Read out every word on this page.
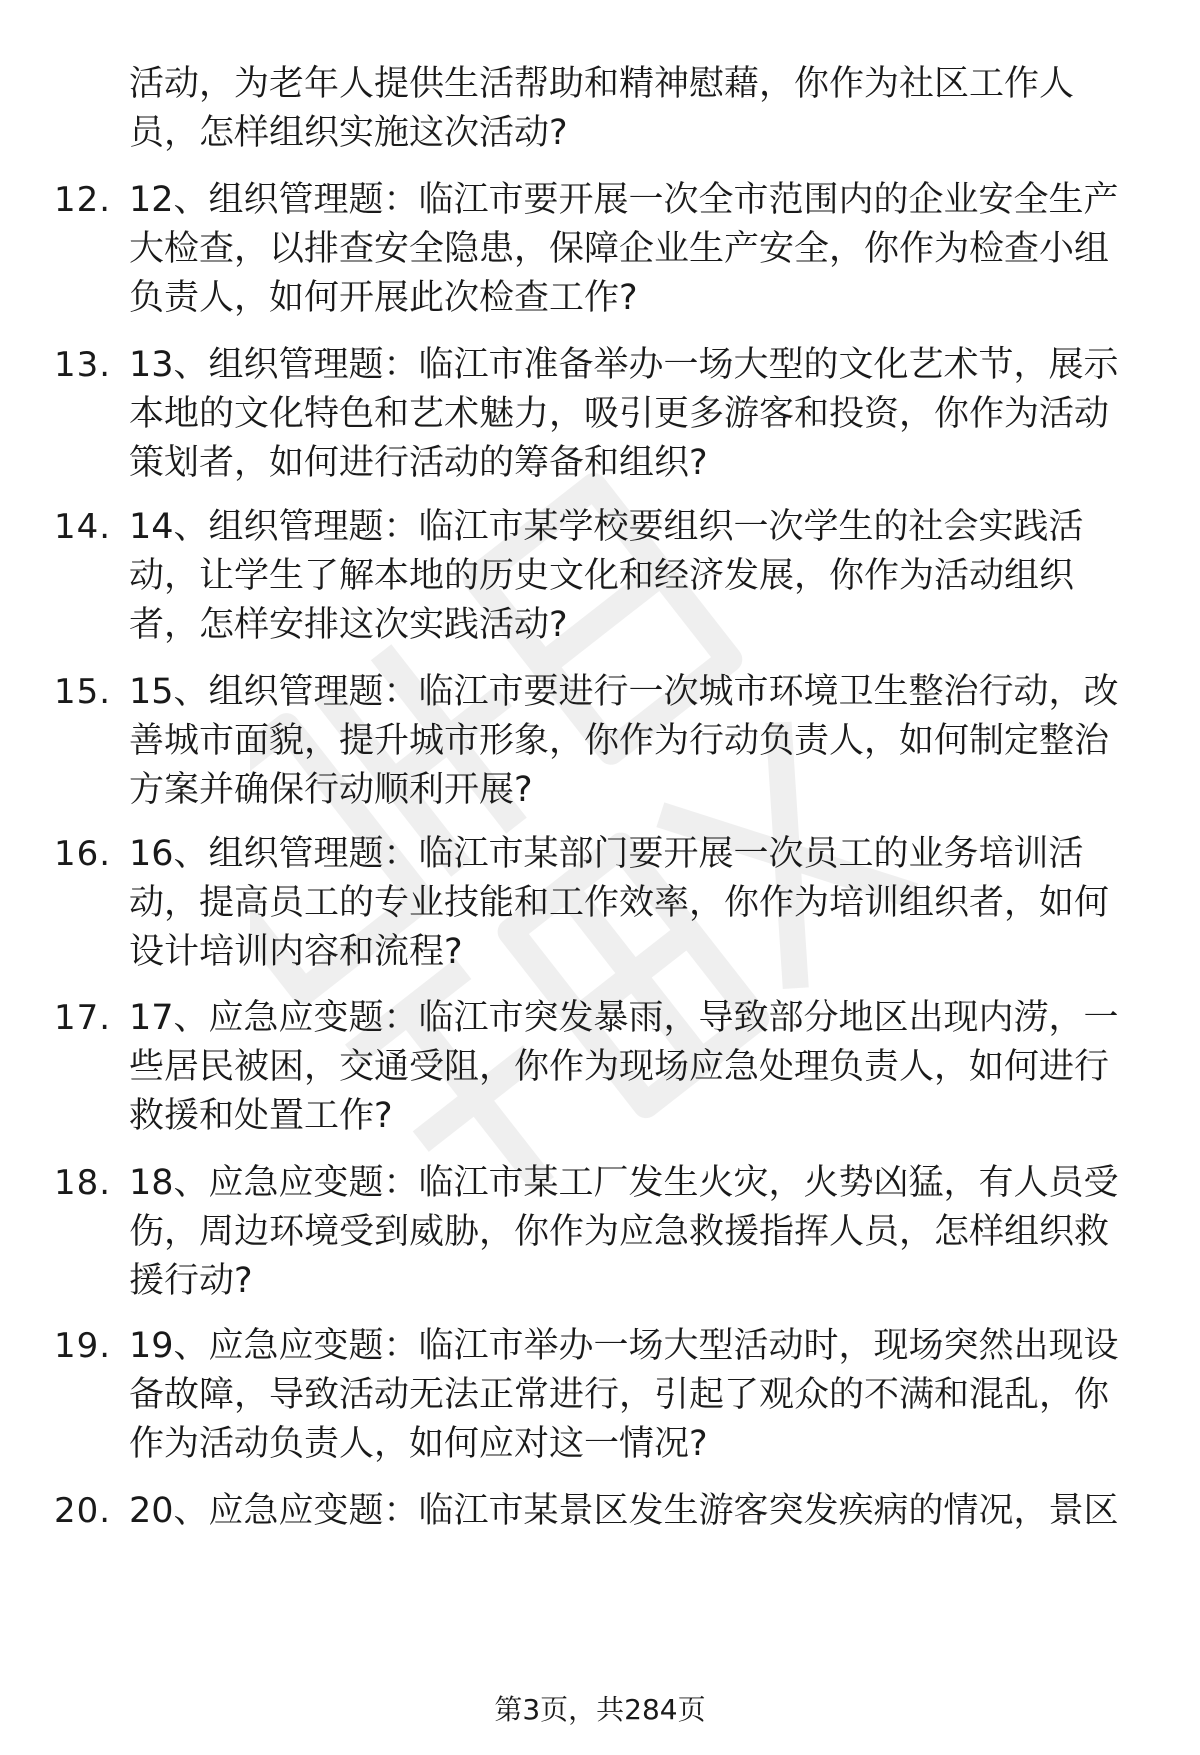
活动，为老年人提供生活帮助和精神慰藉，你作为社区工作人
员，怎样组织实施这次活动?
12. 12、组织管理题：临江市要开展一次全市范围内的企业安全生产
大检查，以排查安全隐患，保障企业生产安全，你作为检查小组
负责人，如何开展此次检查工作?
13. 13、组织管理题：临江市准备举办一场大型的文化艺术节，展示
本地的文化特色和艺术魅力，吸引更多游客和投资，你作为活动
策划者，如何进行活动的筹备和组织?
14. 14、组织管理题：临江市某学校要组织一次学生的社会实践活
动，让学生了解本地的历史文化和经济发展，你作为活动组织
者，怎样安排这次实践活动?
15. 15、组织管理题：临江市要进行一次城市环境卫生整治行动，改
善城市面貌，提升城市形象，你作为行动负责人，如何制定整治
方案并确保行动顺利开展?
16. 16、组织管理题：临江市某部门要开展一次员工的业务培训活
动，提高员工的专业技能和工作效率，你作为培训组织者，如何
设计培训内容和流程?
17. 17、应急应变题：临江市突发暴雨，导致部分地区出现内涝，一
些居民被困，交通受阻，你作为现场应急处理负责人，如何进行
救援和处置工作?
18. 18、应急应变题：临江市某工厂发生火灾，火势凶猛，有人员受
伤，周边环境受到威胁，你作为应急救援指挥人员，怎样组织救
援行动?
19. 19、应急应变题：临江市举办一场大型活动时，现场突然出现设
备故障，导致活动无法正常进行，引起了观众的不满和混乱，你
作为活动负责人，如何应对这一情况?
20. 20、应急应变题：临江市某景区发生游客突发疾病的情况，景区
第3页，共284页
